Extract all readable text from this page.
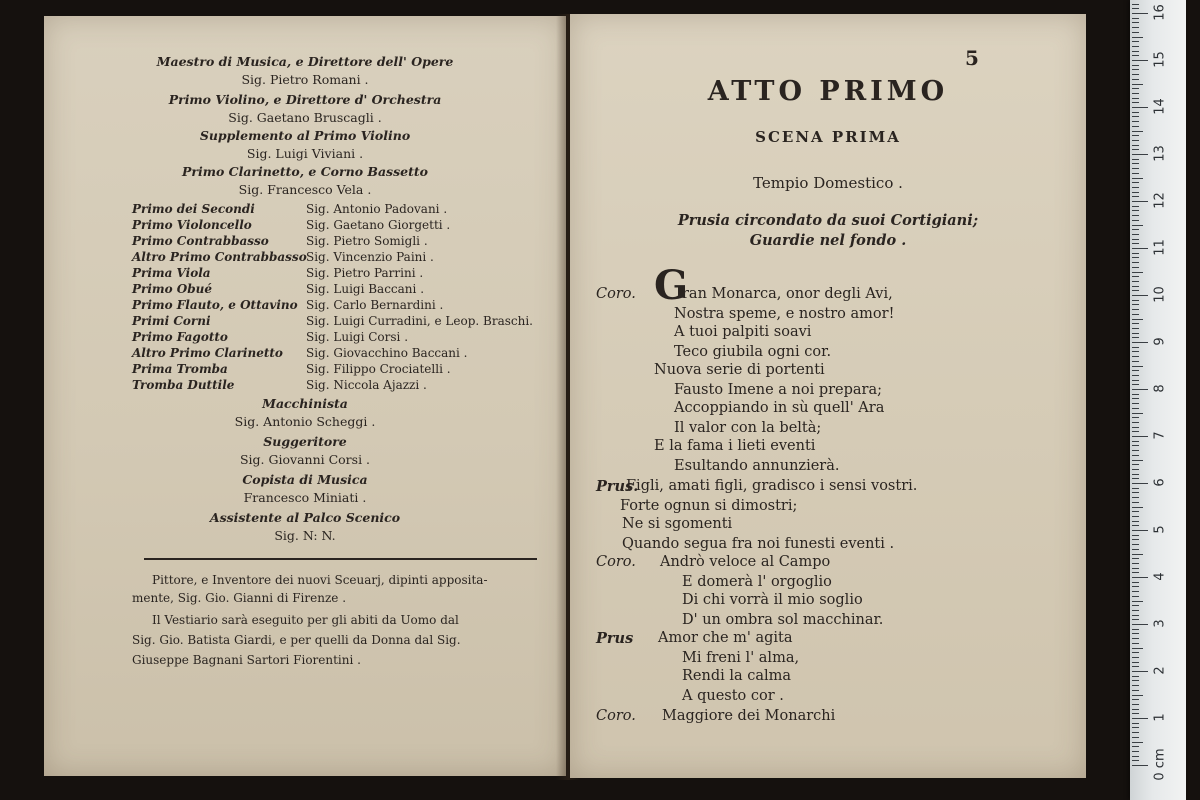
Maestro di Musica, e Direttore dell' Opere
Sig. Pietro Romani .
Primo Violino, e Direttore d' Orchestra
Sig. Gaetano Bruscagli .
Supplemento al Primo Violino
Sig. Luigi Viviani .
Primo Clarinetto, e Corno Bassetto
Sig. Francesco Vela .
Primo dei Secondi	Sig. Antonio Padovani .
Primo Violoncello	Sig. Gaetano Giorgetti .
Primo Contrabbasso	Sig. Pietro Somigli .
Altro Primo Contrabbasso Sig. Vincenzio Paini .
Prima Viola	Sig. Pietro Parrini .
Primo Obué	Sig. Luigi Baccani .
Primo Flauto, e Ottavino Sig. Carlo Bernardini .
Primi Corni	Sig. Luigi Curradini, e Leop. Braschi.
Primo Fagotto	Sig. Luigi Corsi .
Altro Primo Clarinetto Sig. Giovacchino Baccani .
Prima Tromba	Sig. Filippo Crociatelli .
Tromba Duttile	Sig. Niccola Ajazzi .
Macchinista
Sig. Antonio Scheggi .
Suggeritore
Sig. Giovanni Corsi .
Copista di Musica
Francesco Miniati .
Assistente al Palco Scenico
Sig. N: N.
Pittore, e Inventore dei nuovi Sceuarj, dipinti apposita-
mente, Sig. Gio. Gianni di Firenze .
Il Vestiario sarà eseguito per gli abiti da Uomo dal
Sig. Gio. Batista Giardi, e per quelli da Donna dal Sig.
Giuseppe Bagnani Sartori Fiorentini .
5
ATTO PRIMO
SCENA PRIMA
Tempio Domestico .
Prusia circondato da suoi Cortigiani;
Guardie nel fondo .
G
Coro.	ran Monarca, onor degli Avi,
Nostra speme, e nostro amor!
A tuoi palpiti soavi
Teco giubila ogni cor.
Nuova serie di portenti
Fausto Imene a noi prepara;
Accoppiando in sù quell' Ara
Il valor con la beltà;
E la fama i lieti eventi
Esultando annunzierà.
Prus.
Figli, amati figli, gradisco i sensi vostri.
Forte ognun si dimostri;
Ne si sgomenti
Quando segua fra noi funesti eventi .
Coro. Andrò veloce al Campo
E domerà l' orgoglio
Di chi vorrà il mio soglio
D' un ombra sol macchinar.
Prus Amor che m' agita
Mi freni l' alma,
Rendi la calma
A questo cor .
Coro. Maggiore dei Monarchi
16
15
14
13
12
11
10
9
8
7
6
5
4
3
2
1
0 cm
